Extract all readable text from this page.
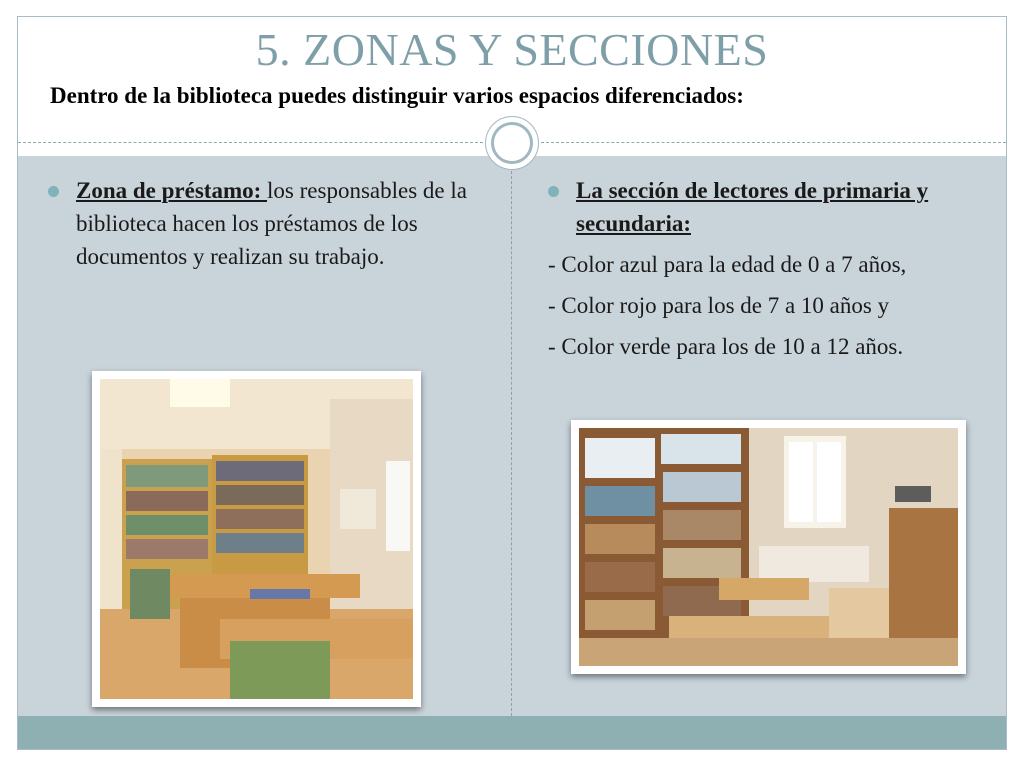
5. ZONAS Y SECCIONES
Dentro de la biblioteca puedes distinguir varios espacios diferenciados:
Zona de préstamo: los responsables de la biblioteca hacen los préstamos de los documentos y realizan su trabajo.
La sección de lectores de primaria y secundaria:
- Color azul para la edad de 0 a 7 años,
- Color rojo para los de 7 a 10 años y
- Color verde para los de 10 a 12 años.
